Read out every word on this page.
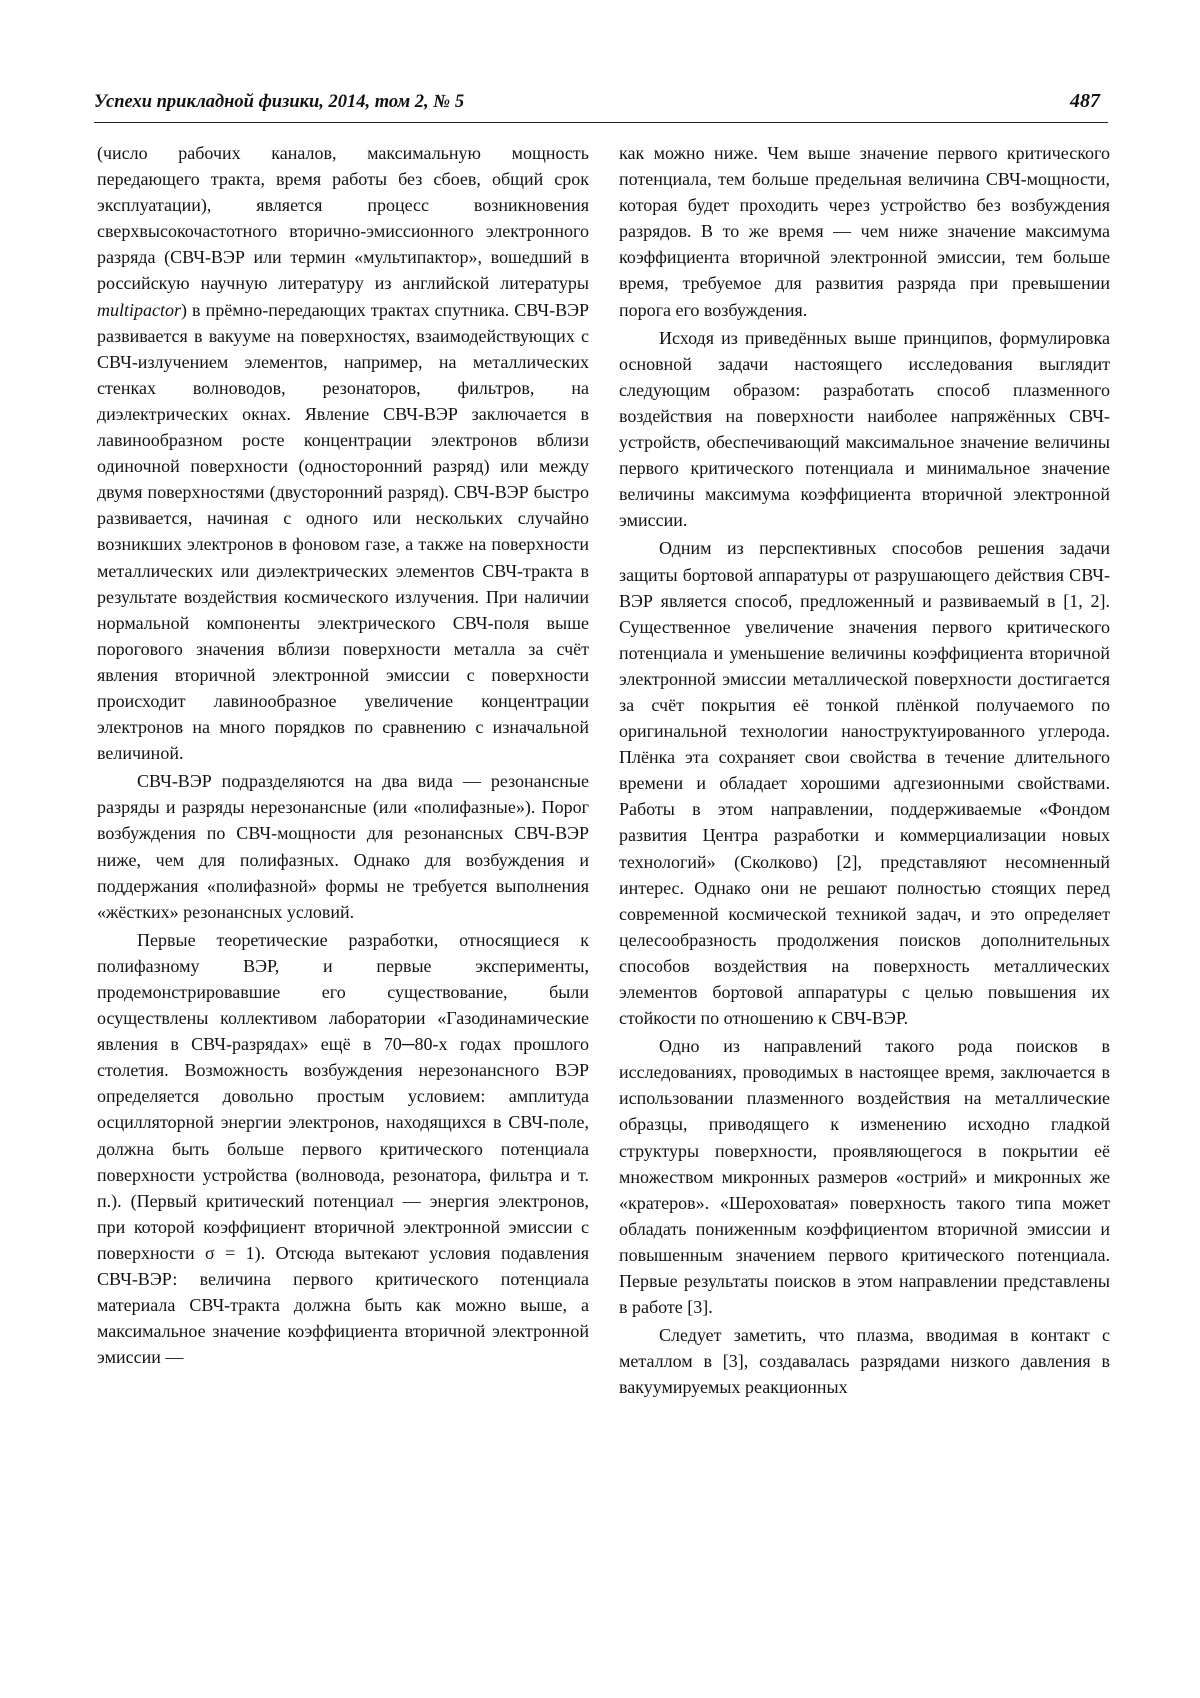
Успехи прикладной физики, 2014, том 2, № 5	487

(число рабочих каналов, максимальную мощность передающего тракта, время работы без сбоев, общий срок эксплуатации), является процесс возникновения сверхвысокочастотного вторично-эмиссионного электронного разряда (СВЧ-ВЭР или термин «мультипактор», вошедший в российскую научную литературу из английской литературы multipactor) в прёмно-передающих трактах спутника. СВЧ-ВЭР развивается в вакууме на поверхностях, взаимодействующих с СВЧ-излучением элементов, например, на металлических стенках волноводов, резонаторов, фильтров, на диэлектрических окнах. Явление СВЧ-ВЭР заключается в лавинообразном росте концентрации электронов вблизи одиночной поверхности (односторонний разряд) или между двумя поверхностями (двусторонний разряд). СВЧ-ВЭР быстро развивается, начиная с одного или нескольких случайно возникших электронов в фоновом газе, а также на поверхности металлических или диэлектрических элементов СВЧ-тракта в результате воздействия космического излучения. При наличии нормальной компоненты электрического СВЧ-поля выше порогового значения вблизи поверхности металла за счёт явления вторичной электронной эмиссии с поверхности происходит лавинообразное увеличение концентрации электронов на много порядков по сравнению с изначальной величиной.

СВЧ-ВЭР подразделяются на два вида — резонансные разряды и разряды нерезонансные (или «полифазные»). Порог возбуждения по СВЧ-мощности для резонансных СВЧ-ВЭР ниже, чем для полифазных. Однако для возбуждения и поддержания «полифазной» формы не требуется выполнения «жёстких» резонансных условий.

Первые теоретические разработки, относящиеся к полифазному ВЭР, и первые эксперименты, продемонстрировавшие его существование, были осуществлены коллективом лаборатории «Газодинамические явления в СВЧ-разрядах» ещё в 70─80-х годах прошлого столетия. Возможность возбуждения нерезонансного ВЭР определяется довольно простым условием: амплитуда осцилляторной энергии электронов, находящихся в СВЧ-поле, должна быть больше первого критического потенциала поверхности устройства (волновода, резонатора, фильтра и т. п.). (Первый критический потенциал — энергия электронов, при которой коэффициент вторичной электронной эмиссии с поверхности σ = 1). Отсюда вытекают условия подавления СВЧ-ВЭР: величина первого критического потенциала материала СВЧ-тракта должна быть как можно выше, а максимальное значение коэффициента вторичной электронной эмиссии —

как можно ниже. Чем выше значение первого критического потенциала, тем больше предельная величина СВЧ-мощности, которая будет проходить через устройство без возбуждения разрядов. В то же время — чем ниже значение максимума коэффициента вторичной электронной эмиссии, тем больше время, требуемое для развития разряда при превышении порога его возбуждения.

Исходя из приведённых выше принципов, формулировка основной задачи настоящего исследования выглядит следующим образом: разработать способ плазменного воздействия на поверхности наиболее напряжённых СВЧ-устройств, обеспечивающий максимальное значение величины первого критического потенциала и минимальное значение величины максимума коэффициента вторичной электронной эмиссии.

Одним из перспективных способов решения задачи защиты бортовой аппаратуры от разрушающего действия СВЧ-ВЭР является способ, предложенный и развиваемый в [1, 2]. Существенное увеличение значения первого критического потенциала и уменьшение величины коэффициента вторичной электронной эмиссии металлической поверхности достигается за счёт покрытия её тонкой плёнкой получаемого по оригинальной технологии наноструктуированного углерода. Плёнка эта сохраняет свои свойства в течение длительного времени и обладает хорошими адгезионными свойствами. Работы в этом направлении, поддерживаемые «Фондом развития Центра разработки и коммерциализации новых технологий» (Сколково) [2], представляют несомненный интерес. Однако они не решают полностью стоящих перед современной космической техникой задач, и это определяет целесообразность продолжения поисков дополнительных способов воздействия на поверхность металлических элементов бортовой аппаратуры с целью повышения их стойкости по отношению к СВЧ-ВЭР.

Одно из направлений такого рода поисков в исследованиях, проводимых в настоящее время, заключается в использовании плазменного воздействия на металлические образцы, приводящего к изменению исходно гладкой структуры поверхности, проявляющегося в покрытии её множеством микронных размеров «острий» и микронных же «кратеров». «Шероховатая» поверхность такого типа может обладать пониженным коэффициентом вторичной эмиссии и повышенным значением первого критического потенциала. Первые результаты поисков в этом направлении представлены в работе [3].

Следует заметить, что плазма, вводимая в контакт с металлом в [3], создавалась разрядами низкого давления в вакуумируемых реакционных
